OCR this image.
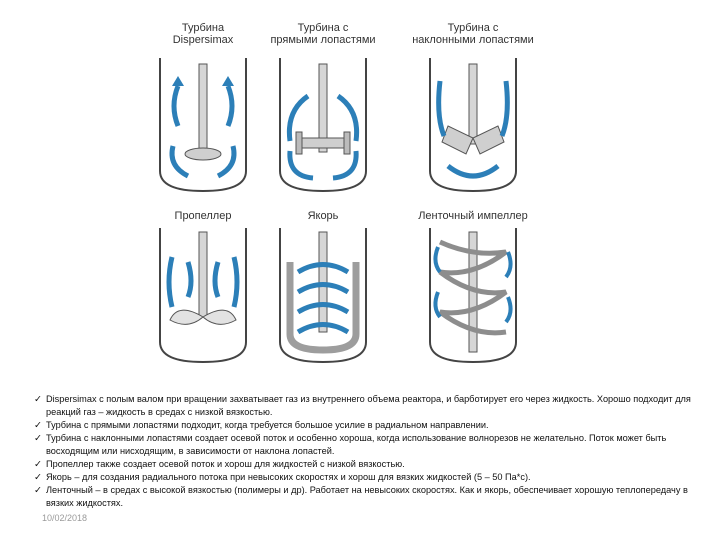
Турбина
Dispersimax
Турбина с
прямыми лопастями
Турбина с
наклонными лопастями
Пропеллер	Якорь	Ленточный импеллер
✓ Dispersimax с полым валом при вращении захватывает газ из внутреннего объема реактора, и барботирует его через жидкость. Хорошо подходит для реакций газ – жидкость в средах с низкой вязкостью.
✓ Турбина с прямыми лопастями подходит, когда требуется большое усилие в радиальном направлении.
✓ Турбина с наклонными лопастями создает осевой поток и особенно хороша, когда использование волнорезов не желательно. Поток может быть восходящим или нисходящим, в зависимости от наклона лопастей.
✓ Пропеллер также создает осевой поток и хорош для жидкостей с низкой вязкостью.
✓ Якорь – для создания радиального потока при невысоких скоростях и хорош для вязких жидкостей (5 – 50 Па*с).
✓ Ленточный – в средах с высокой вязкостью (полимеры и др). Работает на невысоких скоростях. Как и якорь, обеспечивает хорошую теплопередачу в вязких жидкостях.
10/02/2018
